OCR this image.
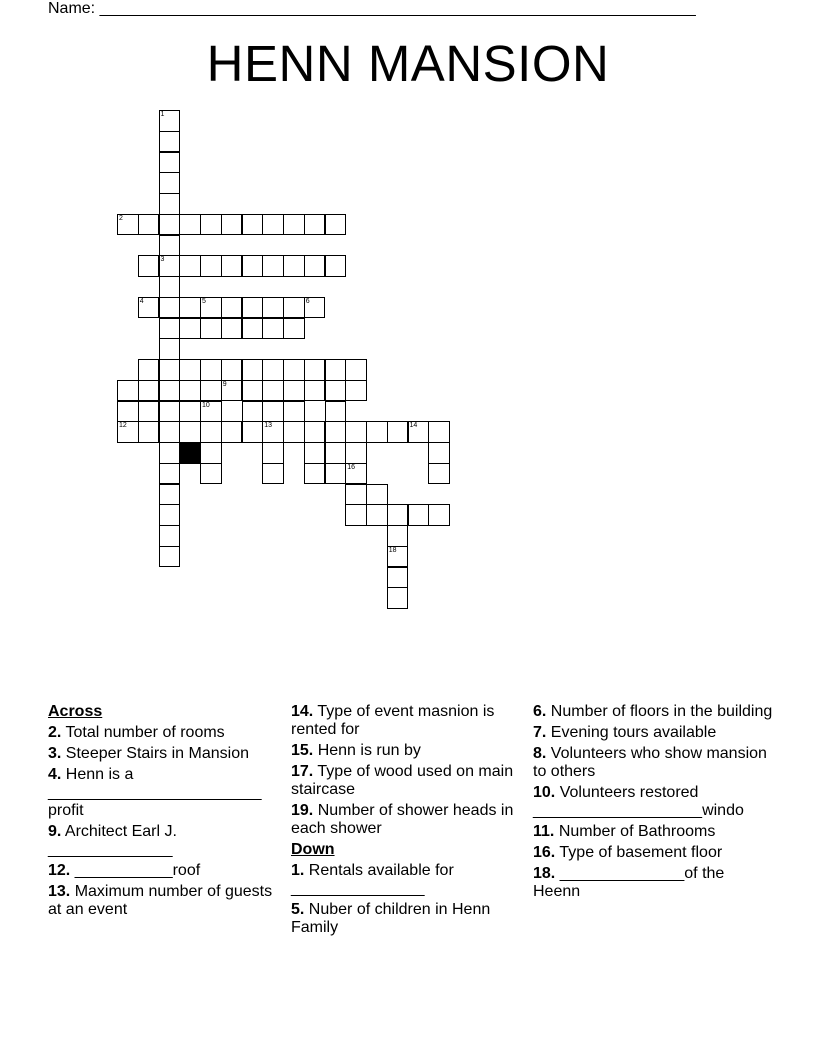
Name: ___________________________________________________________________
HENN MANSION
1
3
2
4	5	6
9
10
12	13	14
16
18
Across
2. Total number of rooms
3. Steeper Stairs in Mansion
4. Henn is a ________________________ profit
9. Architect Earl J. ______________
12. ___________roof
13. Maximum number of guests at an event
14. Type of event masnion is rented for
15. Henn is run by
17. Type of wood used on main staircase
19. Number of shower heads in each shower
Down
1. Rentals available for _______________
5. Nuber of children in Henn Family
6. Number of floors in the building
7. Evening tours available
8. Volunteers who show mansion to others
10. Volunteers restored ___________________windo
11. Number of Bathrooms
16. Type of basement floor
18. ______________of the Heenn
